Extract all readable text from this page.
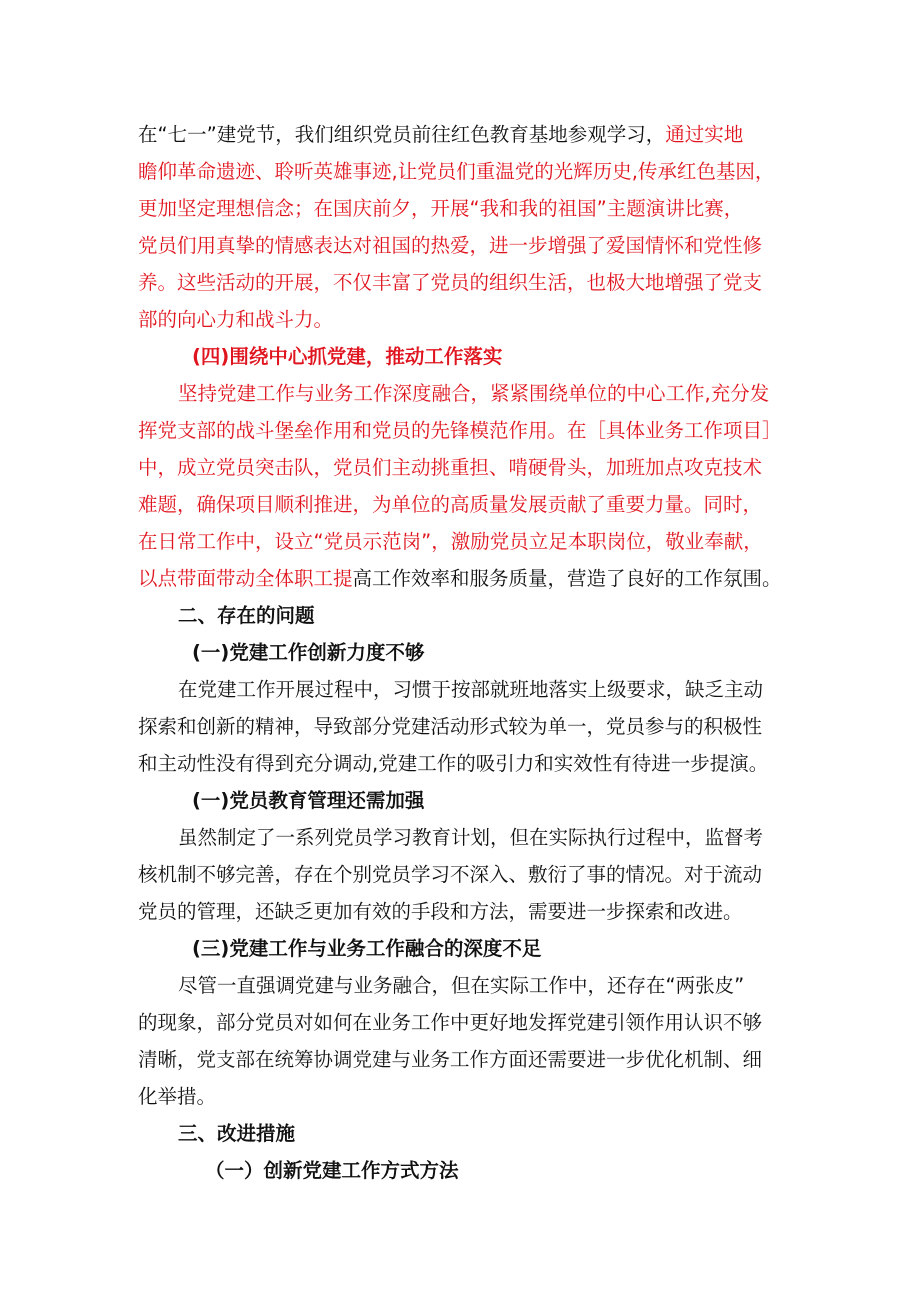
在“七一”建党节，我们组织党员前往红色教育基地参观学习，通过实地
瞻仰革命遗迹、聆听英雄事迹,让党员们重温党的光辉历史,传承红色基因，
更加坚定理想信念；在国庆前夕，开展“我和我的祖国”主题演讲比赛，
党员们用真挚的情感表达对祖国的热爱，进一步增强了爱国情怀和党性修
养。这些活动的开展，不仅丰富了党员的组织生活，也极大地增强了党支
部的向心力和战斗力。
(四)围绕中心抓党建，推动工作落实
坚持党建工作与业务工作深度融合，紧紧围绕单位的中心工作,充分发
挥党支部的战斗堡垒作用和党员的先锋模范作用。在［具体业务工作项目］
中，成立党员突击队，党员们主动挑重担、啃硬骨头，加班加点攻克技术
难题，确保项目顺利推进，为单位的高质量发展贡献了重要力量。同时，
在日常工作中，设立“党员示范岗”，激励党员立足本职岗位，敬业奉献，
以点带面带动全体职工提高工作效率和服务质量，营造了良好的工作氛围。
二、存在的问题
(一)党建工作创新力度不够
在党建工作开展过程中，习惯于按部就班地落实上级要求，缺乏主动
探索和创新的精神，导致部分党建活动形式较为单一，党员参与的积极性
和主动性没有得到充分调动,党建工作的吸引力和实效性有待进一步提演。
(一)党员教育管理还需加强
虽然制定了一系列党员学习教育计划，但在实际执行过程中，监督考
核机制不够完善，存在个别党员学习不深入、敷衍了事的情况。对于流动
党员的管理，还缺乏更加有效的手段和方法，需要进一步探索和改进。
(三)党建工作与业务工作融合的深度不足
尽管一直强调党建与业务融合，但在实际工作中，还存在“两张皮”
的现象，部分党员对如何在业务工作中更好地发挥党建引领作用认识不够
清晰，党支部在统筹协调党建与业务工作方面还需要进一步优化机制、细
化举措。
三、改进措施
（一）创新党建工作方式方法
